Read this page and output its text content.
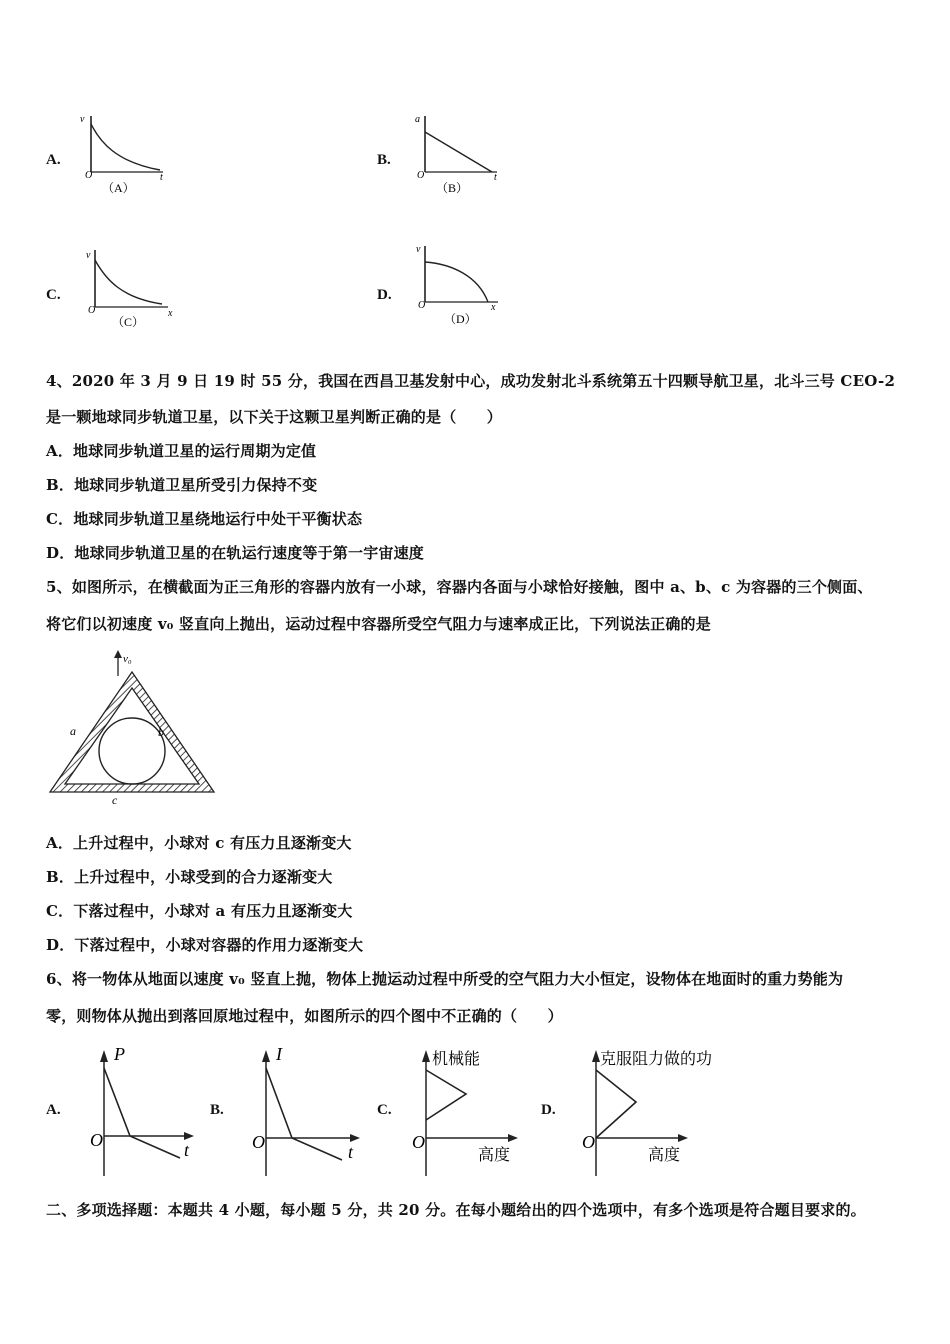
A.
v
O	t
（A）
B.
a
O	t
（B）
C.
v
O	x
（C）
D.
v
O	x
（D）
4、2020 年 3 月 9 日 19 时 55 分，我国在西昌卫基发射中心，成功发射北斗系统第五十四颗导航卫星，北斗三号 CEO-2
是一颗地球同步轨道卫星，以下关于这颗卫星判断正确的是（　　）
A．地球同步轨道卫星的运行周期为定值
B．地球同步轨道卫星所受引力保持不变
C．地球同步轨道卫星绕地运行中处干平衡状态
D．地球同步轨道卫星的在轨运行速度等于第一宇宙速度
5、如图所示，在横截面为正三角形的容器内放有一小球，容器内各面与小球恰好接触，图中 a、b、c 为容器的三个侧面、
将它们以初速度 v₀ 竖直向上抛出，运动过程中容器所受空气阻力与速率成正比，下列说法正确的是
v₀
a	b
c
A．上升过程中，小球对 c 有压力且逐渐变大
B．上升过程中，小球受到的合力逐渐变大
C．下落过程中，小球对 a 有压力且逐渐变大
D．下落过程中，小球对容器的作用力逐渐变大
6、将一物体从地面以速度 v₀ 竖直上抛，物体上抛运动过程中所受的空气阻力大小恒定，设物体在地面时的重力势能为
零，则物体从抛出到落回原地过程中，如图所示的四个图中不正确的（　　）
A.
P
O	t
B.
I
O	t
C.
机械能
O
高度
D.
克服阻力做的功
O
高度
二、多项选择题：本题共 4 小题，每小题 5 分，共 20 分。在每小题给出的四个选项中，有多个选项是符合题目要求的。
